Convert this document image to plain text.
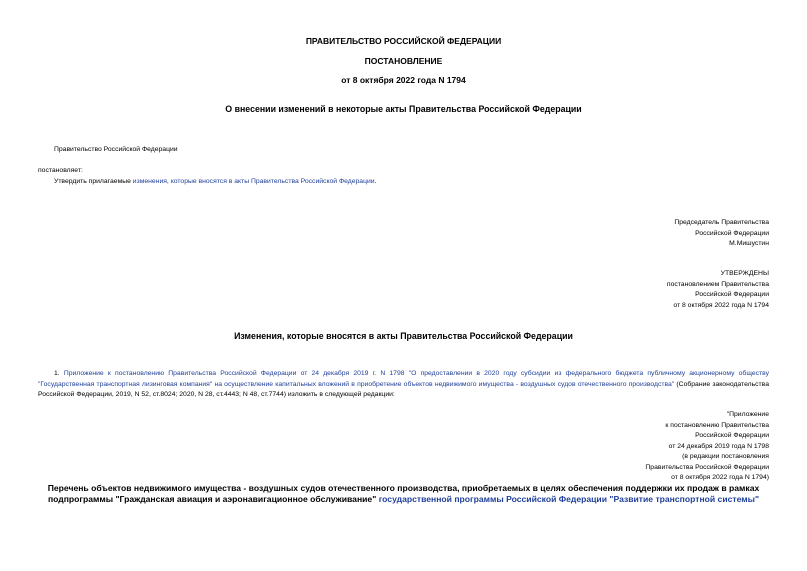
ПРАВИТЕЛЬСТВО РОССИЙСКОЙ ФЕДЕРАЦИИ
ПОСТАНОВЛЕНИЕ
от 8 октября 2022 года N 1794
О внесении изменений в некоторые акты Правительства Российской Федерации
Правительство Российской Федерации
постановляет:
Утвердить прилагаемые изменения, которые вносятся в акты Правительства Российской Федерации.
Председатель Правительства
Российской Федерации
М.Мишустин
УТВЕРЖДЕНЫ
постановлением Правительства
Российской Федерации
от 8 октября 2022 года N 1794
Изменения, которые вносятся в акты Правительства Российской Федерации
1. Приложение к постановлению Правительства Российской Федерации от 24 декабря 2019 г. N 1798 "О предоставлении в 2020 году субсидии из федерального бюджета публичному акционерному обществу "Государственная транспортная лизинговая компания" на осуществление капитальных вложений в приобретение объектов недвижимого имущества - воздушных судов отечественного производства" (Собрание законодательства Российской Федерации, 2019, N 52, ст.8024; 2020, N 28, ст.4443; N 48, ст.7744) изложить в следующей редакции:
"Приложение
к постановлению Правительства
Российской Федерации
от 24 декабря 2019 года N 1798
(в редакции постановления
Правительства Российской Федерации
от 8 октября 2022 года N 1794)
Перечень объектов недвижимого имущества - воздушных судов отечественного производства, приобретаемых в целях обеспечения поддержки их продаж в рамках подпрограммы "Гражданская авиация и аэронавигационное обслуживание" государственной программы Российской Федерации "Развитие транспортной системы"
